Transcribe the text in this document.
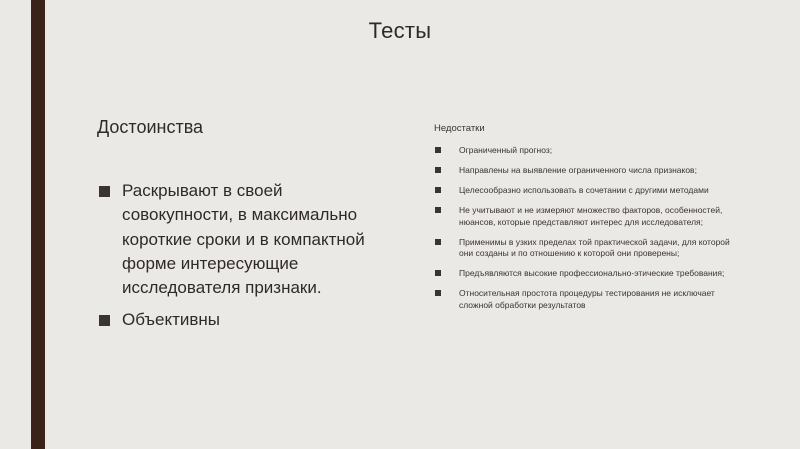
Тесты
Достоинства
Раскрывают в своей совокупности, в максимально короткие сроки и в компактной форме интересующие исследователя признаки.
Объективны
Недостатки
Ограниченный прогноз;
Направлены на выявление ограниченного числа признаков;
Целесообразно использовать в сочетании с другими методами
Не учитывают и не измеряют множество факторов, особенностей, нюансов, которые представляют интерес для исследователя;
Применимы в узких пределах той практической задачи, для которой они созданы и по отношению к которой они проверены;
Предъявляются высокие профессионально-этические требования;
Относительная простота процедуры тестирования не исключает сложной обработки результатов
